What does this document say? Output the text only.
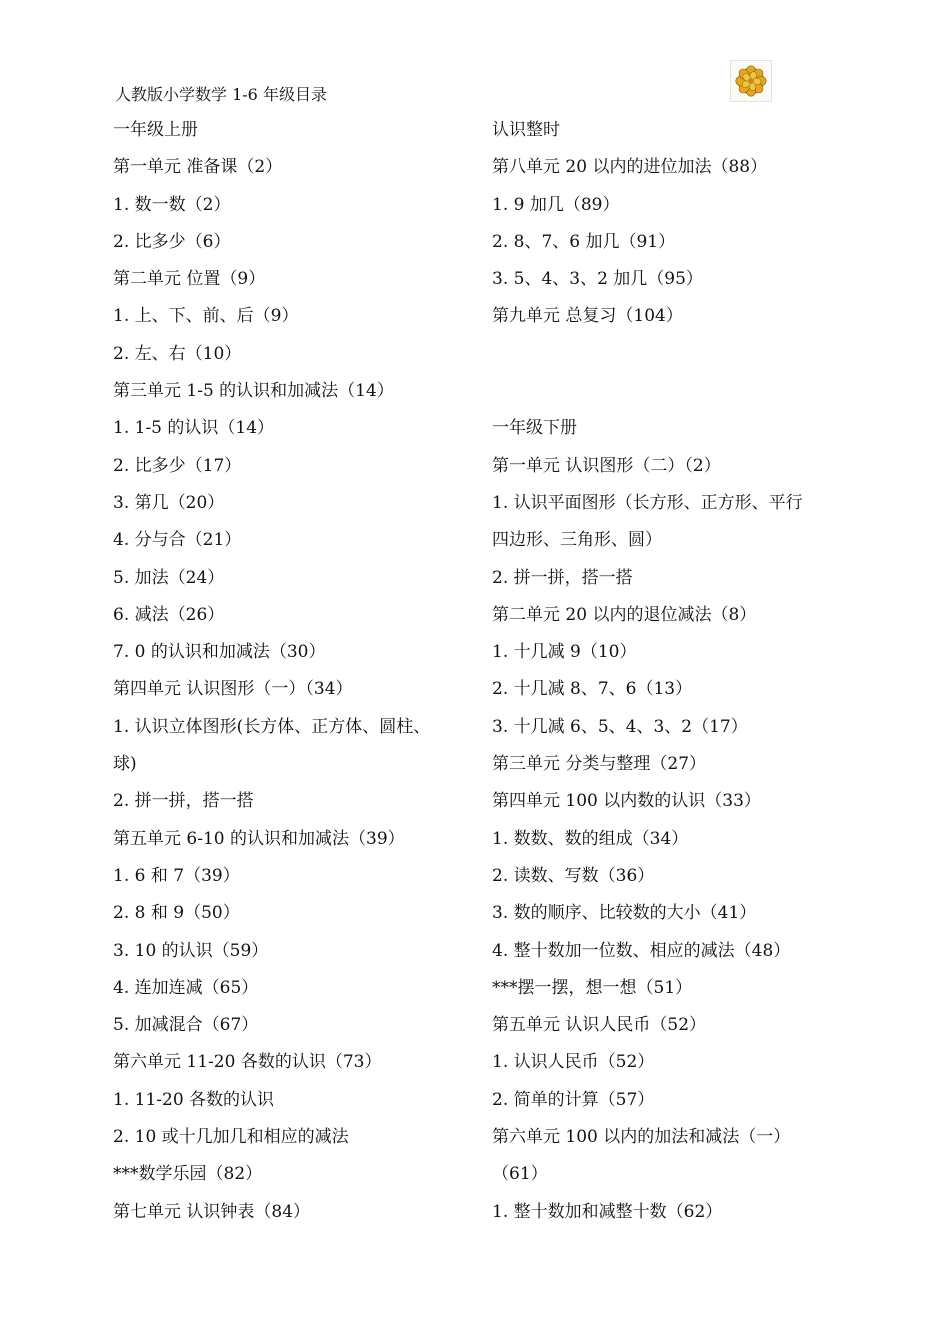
人教版小学数学 1-6 年级目录
一年级上册
第一单元 准备课（2）
1. 数一数（2）
2. 比多少（6）
第二单元 位置（9）
1. 上、下、前、后（9）
2. 左、右（10）
第三单元 1-5 的认识和加减法（14）
1. 1-5 的认识（14）
2. 比多少（17）
3. 第几（20）
4. 分与合（21）
5. 加法（24）
6. 减法（26）
7. 0 的认识和加减法（30）
第四单元 认识图形（一）（34）
1. 认识立体图形(长方体、正方体、圆柱、
球)
2. 拼一拼，搭一搭
第五单元 6-10 的认识和加减法（39）
1. 6 和 7（39）
2. 8 和 9（50）
3. 10 的认识（59）
4. 连加连减（65）
5. 加减混合（67）
第六单元 11-20 各数的认识（73）
1. 11-20 各数的认识
2. 10 或十几加几和相应的减法
***数学乐园（82）
第七单元 认识钟表（84）
认识整时
第八单元 20 以内的进位加法（88）
1. 9 加几（89）
2. 8、7、6 加几（91）
3. 5、4、3、2 加几（95）
第九单元 总复习（104）
一年级下册
第一单元 认识图形（二）（2）
1. 认识平面图形（长方形、正方形、平行
四边形、三角形、圆）
2. 拼一拼，搭一搭
第二单元 20 以内的退位减法（8）
1. 十几减 9（10）
2. 十几减 8、7、6（13）
3. 十几减 6、5、4、3、2（17）
第三单元 分类与整理（27）
第四单元 100 以内数的认识（33）
1. 数数、数的组成（34）
2. 读数、写数（36）
3. 数的顺序、比较数的大小（41）
4. 整十数加一位数、相应的减法（48）
***摆一摆，想一想（51）
第五单元 认识人民币（52）
1. 认识人民币（52）
2. 简单的计算（57）
第六单元 100 以内的加法和减法（一）
（61）
1. 整十数加和减整十数（62）
